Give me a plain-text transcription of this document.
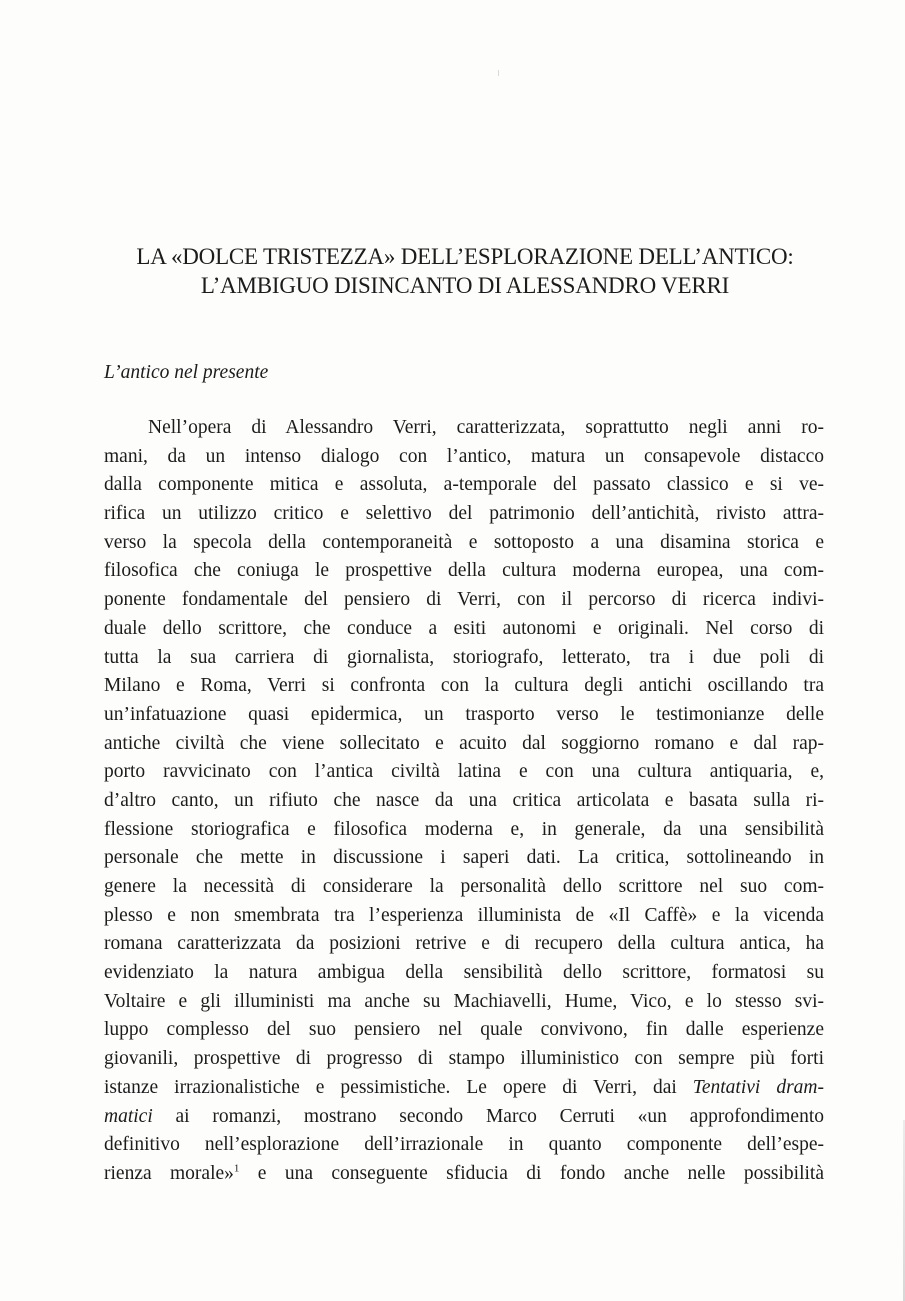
LA «DOLCE TRISTEZZA» DELL’ESPLORAZIONE DELL’ANTICO:
L’AMBIGUO DISINCANTO DI ALESSANDRO VERRI
L’antico nel presente
Nell’opera di Alessandro Verri, caratterizzata, soprattutto negli anni ro-
mani, da un intenso dialogo con l’antico, matura un consapevole distacco
dalla componente mitica e assoluta, a-temporale del passato classico e si ve-
rifica un utilizzo critico e selettivo del patrimonio dell’antichità, rivisto attra-
verso la specola della contemporaneità e sottoposto a una disamina storica e
filosofica che coniuga le prospettive della cultura moderna europea, una com-
ponente fondamentale del pensiero di Verri, con il percorso di ricerca indivi-
duale dello scrittore, che conduce a esiti autonomi e originali. Nel corso di
tutta la sua carriera di giornalista, storiografo, letterato, tra i due poli di
Milano e Roma, Verri si confronta con la cultura degli antichi oscillando tra
un’infatuazione quasi epidermica, un trasporto verso le testimonianze delle
antiche civiltà che viene sollecitato e acuito dal soggiorno romano e dal rap-
porto ravvicinato con l’antica civiltà latina e con una cultura antiquaria, e,
d’altro canto, un rifiuto che nasce da una critica articolata e basata sulla ri-
flessione storiografica e filosofica moderna e, in generale, da una sensibilità
personale che mette in discussione i saperi dati. La critica, sottolineando in
genere la necessità di considerare la personalità dello scrittore nel suo com-
plesso e non smembrata tra l’esperienza illuminista de «Il Caffè» e la vicenda
romana caratterizzata da posizioni retrive e di recupero della cultura antica, ha
evidenziato la natura ambigua della sensibilità dello scrittore, formatosi su
Voltaire e gli illuministi ma anche su Machiavelli, Hume, Vico, e lo stesso svi-
luppo complesso del suo pensiero nel quale convivono, fin dalle esperienze
giovanili, prospettive di progresso di stampo illuministico con sempre più forti
istanze irrazionalistiche e pessimistiche. Le opere di Verri, dai Tentativi dram-
matici ai romanzi, mostrano secondo Marco Cerruti «un approfondimento
definitivo nell’esplorazione dell’irrazionale in quanto componente dell’espe-
rienza morale»$^1$ e una conseguente sfiducia di fondo anche nelle possibilità
